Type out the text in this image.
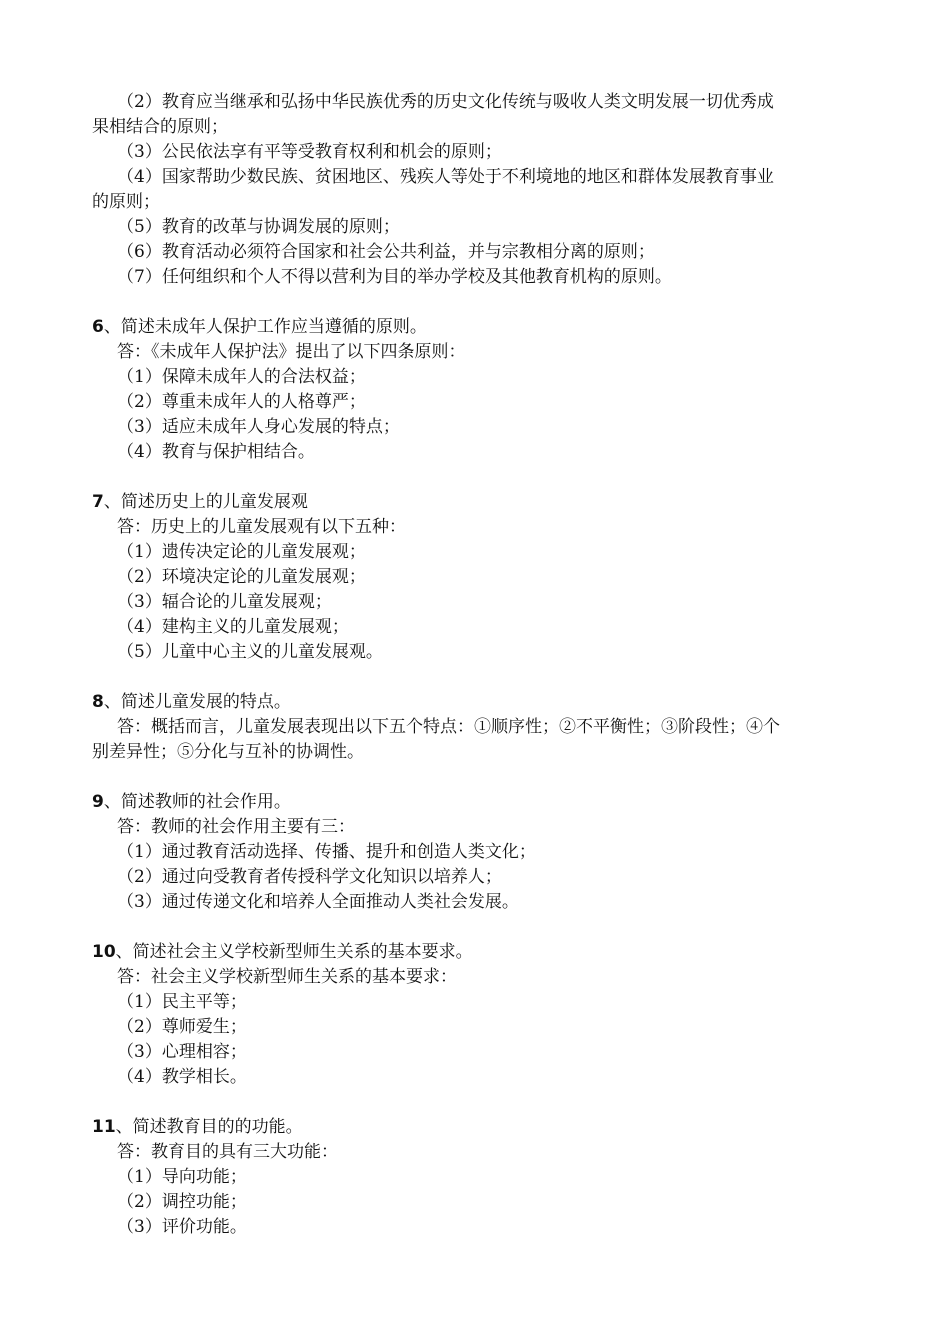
（2）教育应当继承和弘扬中华民族优秀的历史文化传统与吸收人类文明发展一切优秀成
果相结合的原则；
（3）公民依法享有平等受教育权利和机会的原则；
（4）国家帮助少数民族、贫困地区、残疾人等处于不利境地的地区和群体发展教育事业
的原则；
（5）教育的改革与协调发展的原则；
（6）教育活动必须符合国家和社会公共利益，并与宗教相分离的原则；
（7）任何组织和个人不得以营利为目的举办学校及其他教育机构的原则。
6、简述未成年人保护工作应当遵循的原则。
答：《未成年人保护法》提出了以下四条原则：
（1）保障未成年人的合法权益；
（2）尊重未成年人的人格尊严；
（3）适应未成年人身心发展的特点；
（4）教育与保护相结合。
7、简述历史上的儿童发展观
答：历史上的儿童发展观有以下五种：
（1）遗传决定论的儿童发展观；
（2）环境决定论的儿童发展观；
（3）辐合论的儿童发展观；
（4）建构主义的儿童发展观；
（5）儿童中心主义的儿童发展观。
8、简述儿童发展的特点。
答：概括而言，儿童发展表现出以下五个特点：①顺序性；②不平衡性；③阶段性；④个
别差异性；⑤分化与互补的协调性。
9、简述教师的社会作用。
答：教师的社会作用主要有三：
（1）通过教育活动选择、传播、提升和创造人类文化；
（2）通过向受教育者传授科学文化知识以培养人；
（3）通过传递文化和培养人全面推动人类社会发展。
10、简述社会主义学校新型师生关系的基本要求。
答：社会主义学校新型师生关系的基本要求：
（1）民主平等；
（2）尊师爱生；
（3）心理相容；
（4）教学相长。
11、简述教育目的的功能。
答：教育目的具有三大功能：
（1）导向功能；
（2）调控功能；
（3）评价功能。
